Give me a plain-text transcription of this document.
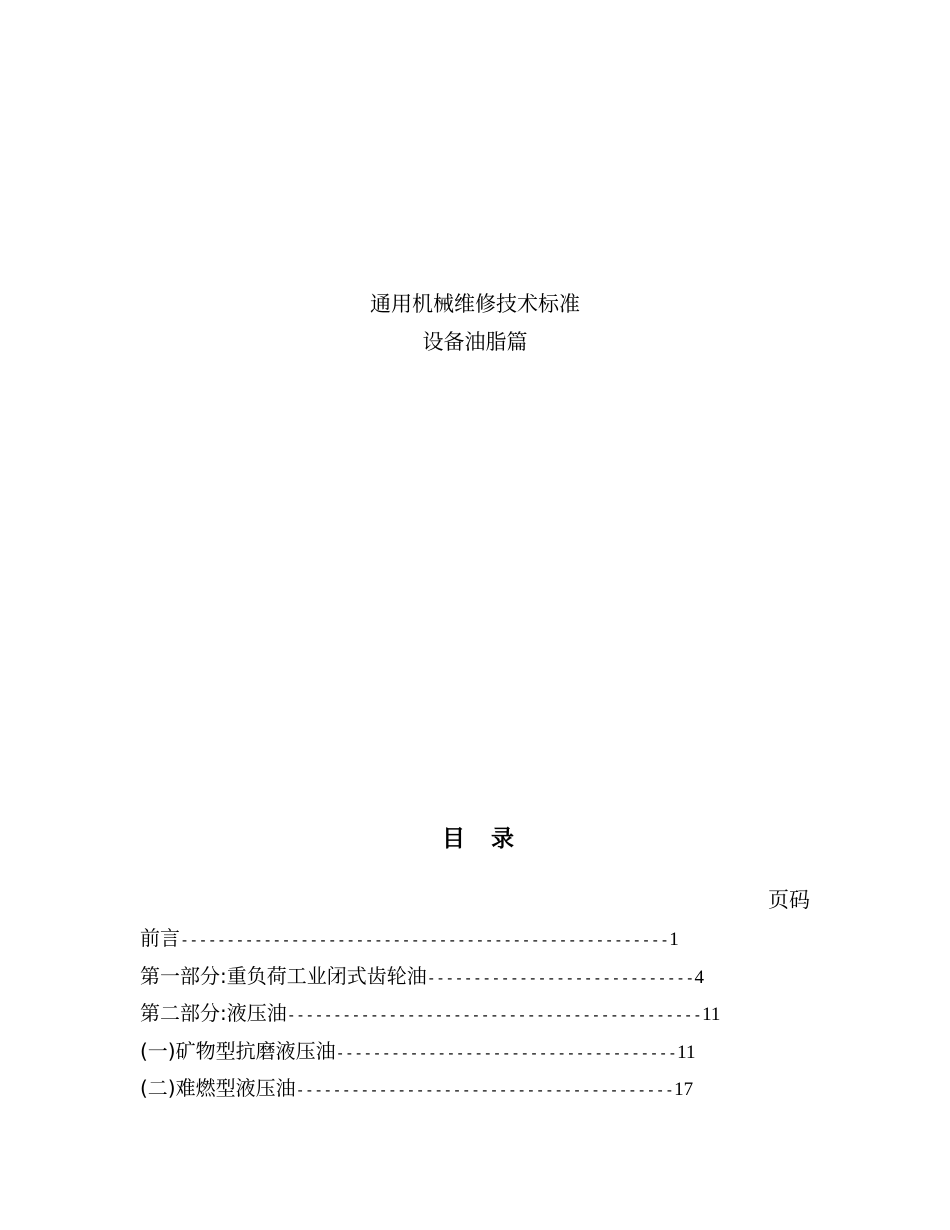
通用机械维修技术标准
设备油脂篇
目 录
页码
前言-----------------------------------------------------1
第一部分:重负荷工业闭式齿轮油-----------------------------4
第二部分:液压油---------------------------------------------11
(一)矿物型抗磨液压油-------------------------------------11
(二)难燃型液压油-----------------------------------------17
